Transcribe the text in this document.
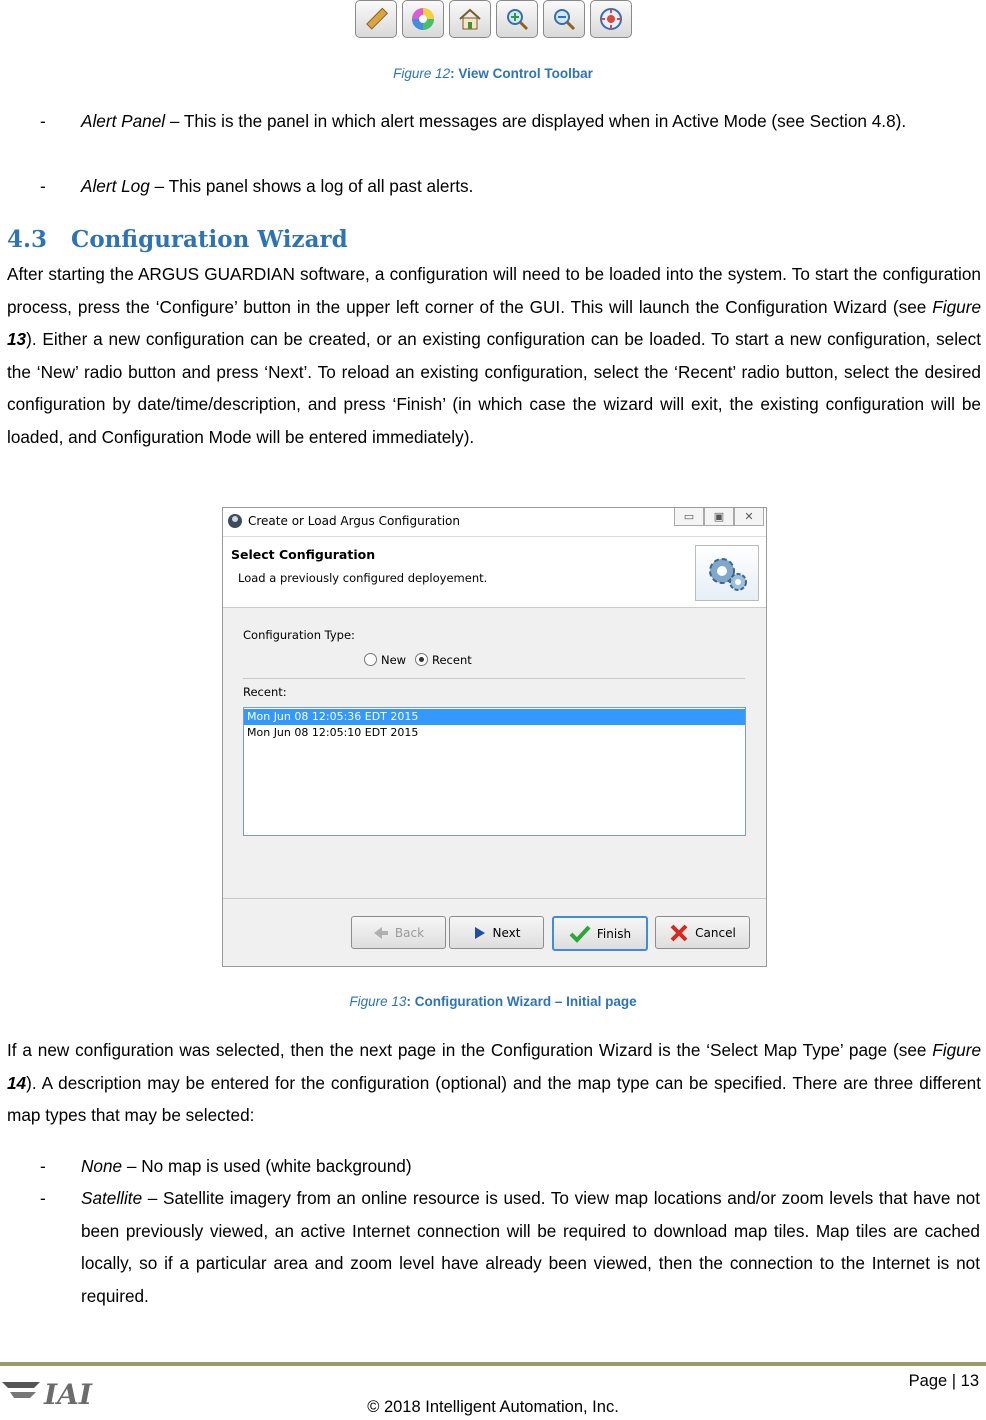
Figure 12: View Control Toolbar
- Alert Panel – This is the panel in which alert messages are displayed when in Active Mode (see Section 4.8).
- Alert Log – This panel shows a log of all past alerts.
4.3 Configuration Wizard
After starting the ARGUS GUARDIAN software, a configuration will need to be loaded into the system. To start the configuration process, press the ‘Configure’ button in the upper left corner of the GUI. This will launch the Configuration Wizard (see Figure 13). Either a new configuration can be created, or an existing configuration can be loaded. To start a new configuration, select the ‘New’ radio button and press ‘Next’. To reload an existing configuration, select the ‘Recent’ radio button, select the desired configuration by date/time/description, and press ‘Finish’ (in which case the wizard will exit, the existing configuration will be loaded, and Configuration Mode will be entered immediately).
Create or Load Argus Configuration	▭	▣	✕
Select Configuration
Load a previously configured deployement.
Configuration Type:
New	Recent
Recent:
Mon Jun 08 12:05:36 EDT 2015
Mon Jun 08 12:05:10 EDT 2015
Back	Next	Finish	Cancel
Figure 13: Configuration Wizard – Initial page
If a new configuration was selected, then the next page in the Configuration Wizard is the ‘Select Map Type’ page (see Figure 14). A description may be entered for the configuration (optional) and the map type can be specified. There are three different map types that may be selected:
- None – No map is used (white background)
- Satellite – Satellite imagery from an online resource is used. To view map locations and/or zoom levels that have not been previously viewed, an active Internet connection will be required to download map tiles. Map tiles are cached locally, so if a particular area and zoom level have already been viewed, then the connection to the Internet is not required.
IAI	Page | 13
© 2018 Intelligent Automation, Inc.
